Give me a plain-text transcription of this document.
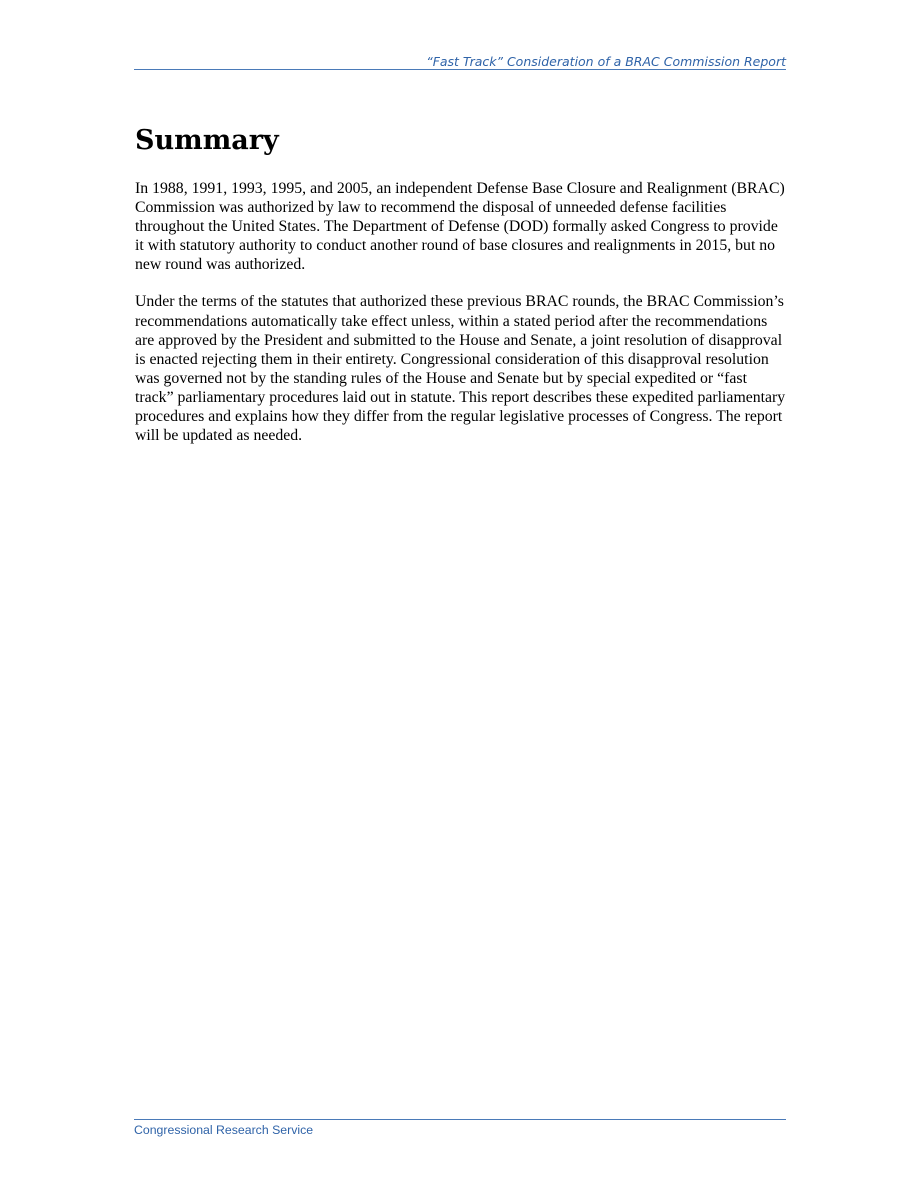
“Fast Track” Consideration of a BRAC Commission Report
Summary

In 1988, 1991, 1993, 1995, and 2005, an independent Defense Base Closure and Realignment (BRAC) Commission was authorized by law to recommend the disposal of unneeded defense facilities throughout the United States. The Department of Defense (DOD) formally asked Congress to provide it with statutory authority to conduct another round of base closures and realignments in 2015, but no new round was authorized.

Under the terms of the statutes that authorized these previous BRAC rounds, the BRAC Commission’s recommendations automatically take effect unless, within a stated period after the recommendations are approved by the President and submitted to the House and Senate, a joint resolution of disapproval is enacted rejecting them in their entirety. Congressional consideration of this disapproval resolution was governed not by the standing rules of the House and Senate but by special expedited or “fast track” parliamentary procedures laid out in statute. This report describes these expedited parliamentary procedures and explains how they differ from the regular legislative processes of Congress. The report will be updated as needed.

Congressional Research Service
